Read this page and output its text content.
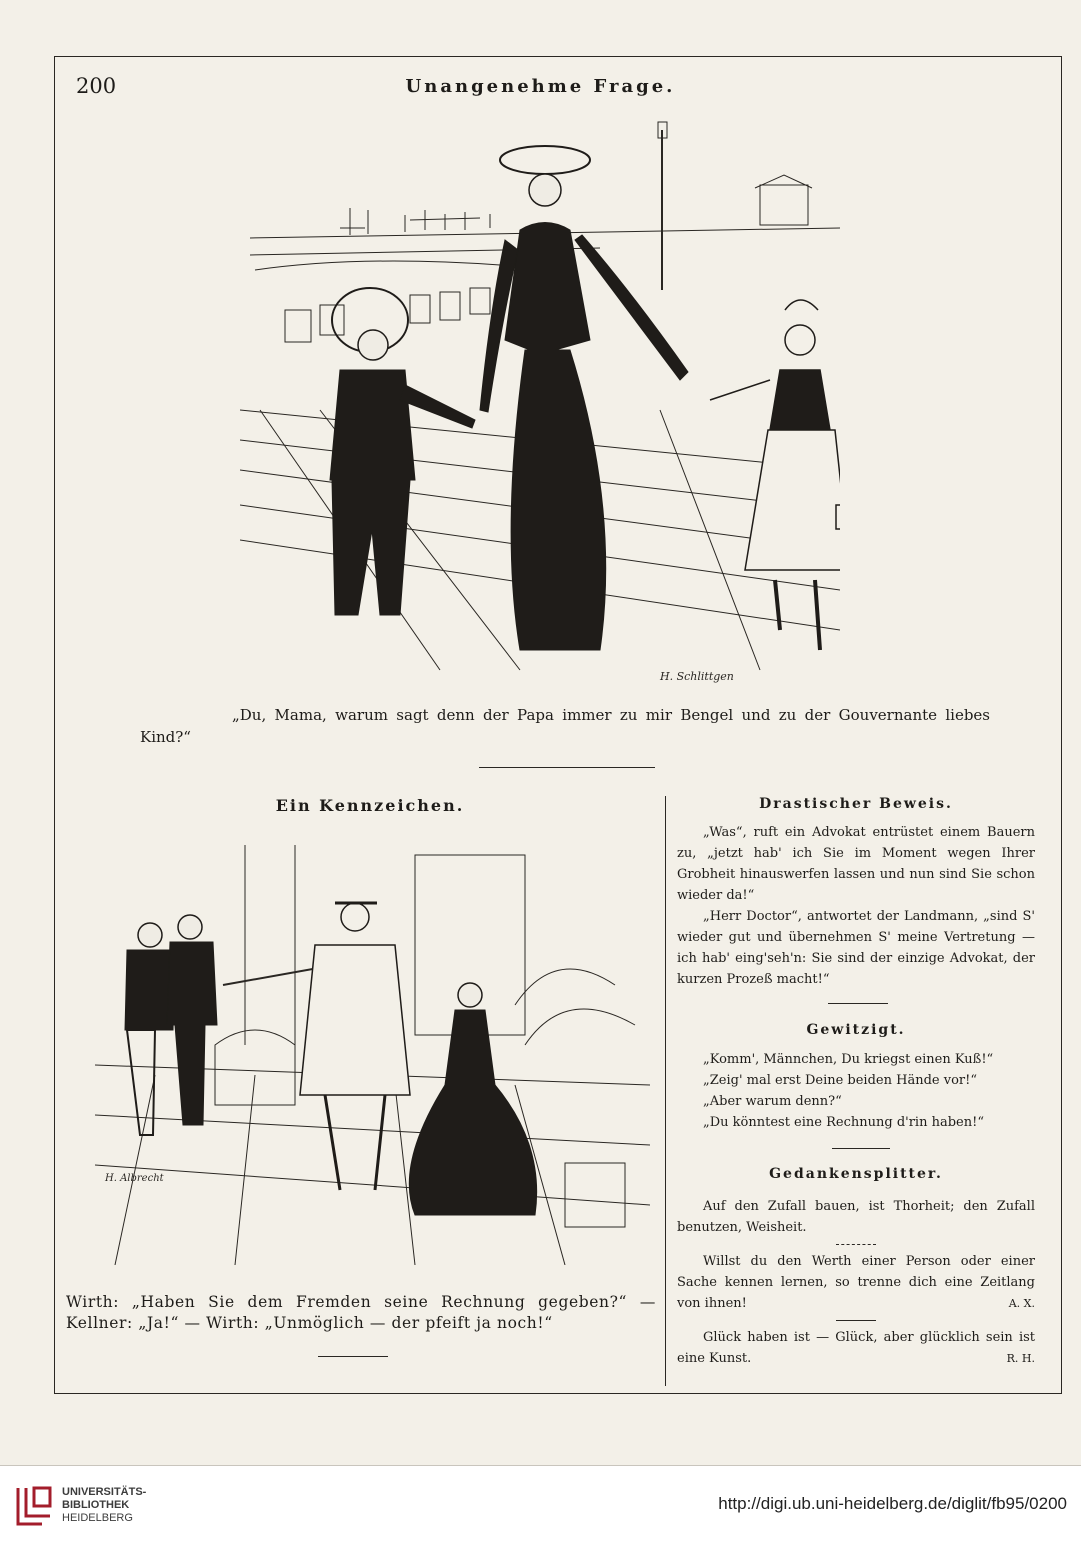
200	Unangenehme Frage.
H. Schlittgen
„Du, Mama, warum sagt denn der Papa immer zu mir Bengel und zu der Gouvernante liebes Kind?“
Ein Kennzeichen.
H. Albrecht
Wirth: „Haben Sie dem Fremden seine Rechnung gegeben?“ — Kellner: „Ja!“ — Wirth: „Unmöglich — der pfeift ja noch!“
Drastischer Beweis.

„Was“, ruft ein Advokat entrüstet einem Bauern zu, „jetzt hab' ich Sie im Moment wegen Ihrer Grobheit hinauswerfen lassen und nun sind Sie schon wieder da!“

„Herr Doctor“, antwortet der Landmann, „sind S' wieder gut und übernehmen S' meine Vertretung — ich hab' eing'seh'n: Sie sind der einzige Advokat, der kurzen Prozeß macht!“

Gewitzigt.

„Komm', Männchen, Du kriegst einen Kuß!“

„Zeig' mal erst Deine beiden Hände vor!“

„Aber warum denn?“

„Du könntest eine Rechnung d'rin haben!“

Gedankensplitter.

Auf den Zufall bauen, ist Thorheit; den Zufall benutzen, Weisheit.

Willst du den Werth einer Person oder einer Sache kennen lernen, so trenne dich eine Zeitlang von ihnen!	A. X.

Glück haben ist — Glück, aber glücklich sein ist eine Kunst.	R. H.

UNIVERSITÄTS-
BIBLIOTHEK
HEIDELBERG
http://digi.ub.uni-heidelberg.de/diglit/fb95/0200
